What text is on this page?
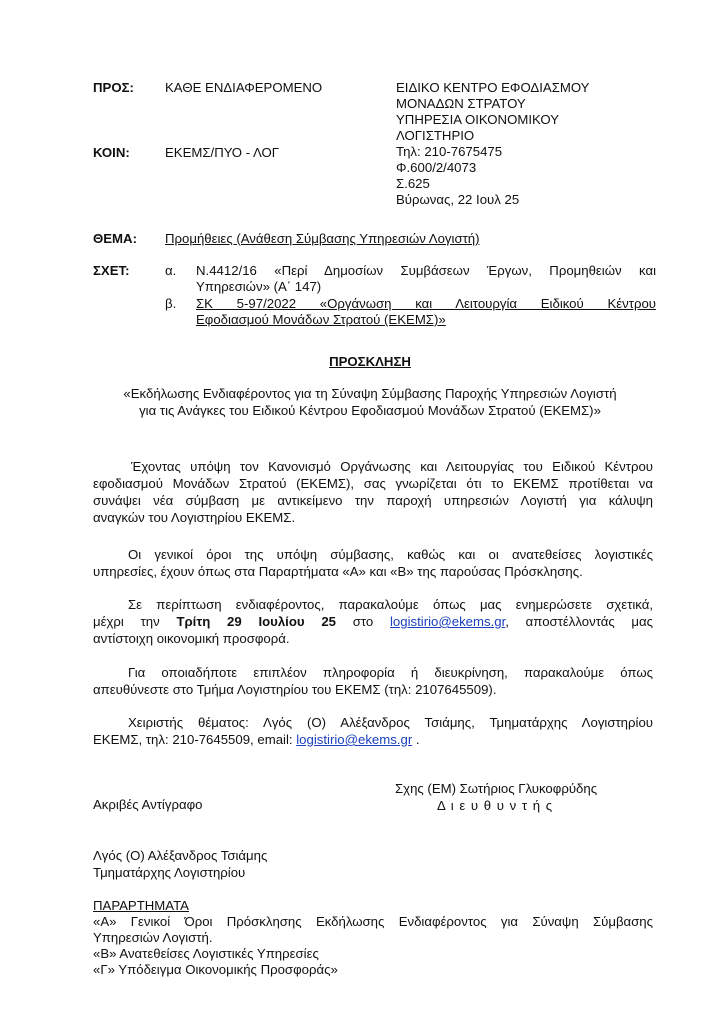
ΠΡΟΣ: ΚΑΘΕ ΕΝΔΙΑΦΕΡΟΜΕΝΟ
ΚΟΙΝ:	ΕΚΕΜΣ/ΠΥΟ - ΛΟΓ
ΕΙΔΙΚΟ ΚΕΝΤΡΟ ΕΦΟΔΙΑΣΜΟΥ
ΜΟΝΑΔΩΝ ΣΤΡΑΤΟΥ
ΥΠΗΡΕΣΙΑ ΟΙΚΟΝΟΜΙΚΟΥ
ΛΟΓΙΣΤΗΡΙΟ
Τηλ: 210-7675475
Φ.600/2/4073
Σ.625
Βύρωνας, 22 Ιουλ 25
ΘΕΜΑ: Προμήθειες (Ανάθεση Σύμβασης Υπηρεσιών Λογιστή)
ΣΧΕΤ:	α. Ν.4412/16 «Περί Δημοσίων Συμβάσεων Έργων, Προμηθειών και
Υπηρεσιών» (Α΄ 147)
β. ΣΚ 5-97/2022 «Οργάνωση και Λειτουργία Ειδικού Κέντρου
Εφοδιασμού Μονάδων Στρατού (ΕΚΕΜΣ)»
ΠΡΟΣΚΛΗΣΗ
«Εκδήλωσης Ενδιαφέροντος για τη Σύναψη Σύμβασης Παροχής Υπηρεσιών Λογιστή
για τις Ανάγκες του Ειδικού Κέντρου Εφοδιασμού Μονάδων Στρατού (ΕΚΕΜΣ)»
Έχοντας υπόψη τον Κανονισμό Οργάνωσης και Λειτουργίας του Ειδικού Κέντρου
εφοδιασμού Μονάδων Στρατού (ΕΚΕΜΣ), σας γνωρίζεται ότι το ΕΚΕΜΣ προτίθεται να
συνάψει νέα σύμβαση με αντικείμενο την παροχή υπηρεσιών Λογιστή για κάλυψη
αναγκών του Λογιστηρίου ΕΚΕΜΣ.
Οι γενικοί όροι της υπόψη σύμβασης, καθώς και οι ανατεθείσες λογιστικές
υπηρεσίες, έχουν όπως στα Παραρτήματα «Α» και «Β» της παρούσας Πρόσκλησης.
Σε περίπτωση ενδιαφέροντος, παρακαλούμε όπως μας ενημερώσετε σχετικά,
μέχρι την Τρίτη 29 Ιουλίου 25 στο logistirio@ekems.gr, αποστέλλοντάς μας
αντίστοιχη οικονομική προσφορά.
Για οποιαδήποτε επιπλέον πληροφορία ή διευκρίνηση, παρακαλούμε όπως
απευθύνεστε στο Τμήμα Λογιστηρίου του ΕΚΕΜΣ (τηλ: 2107645509).
Χειριστής θέματος: Λγός (Ο) Αλέξανδρος Τσιάμης, Τμηματάρχης Λογιστηρίου
ΕΚΕΜΣ, τηλ: 210-7645509, email: logistirio@ekems.gr .
Σχης (ΕΜ) Σωτήριος Γλυκοφρύδης
Δ ι ε υ θ υ ν τ ή ς
Ακριβές Αντίγραφο
Λγός (Ο) Αλέξανδρος Τσιάμης
Τμηματάρχης Λογιστηρίου
ΠΑΡΑΡΤΗΜΑΤΑ
«Α» Γενικοί Όροι Πρόσκλησης Εκδήλωσης Ενδιαφέροντος για Σύναψη Σύμβασης
Υπηρεσιών Λογιστή.
«Β» Ανατεθείσες Λογιστικές Υπηρεσίες
«Γ» Υπόδειγμα Οικονομικής Προσφοράς»
